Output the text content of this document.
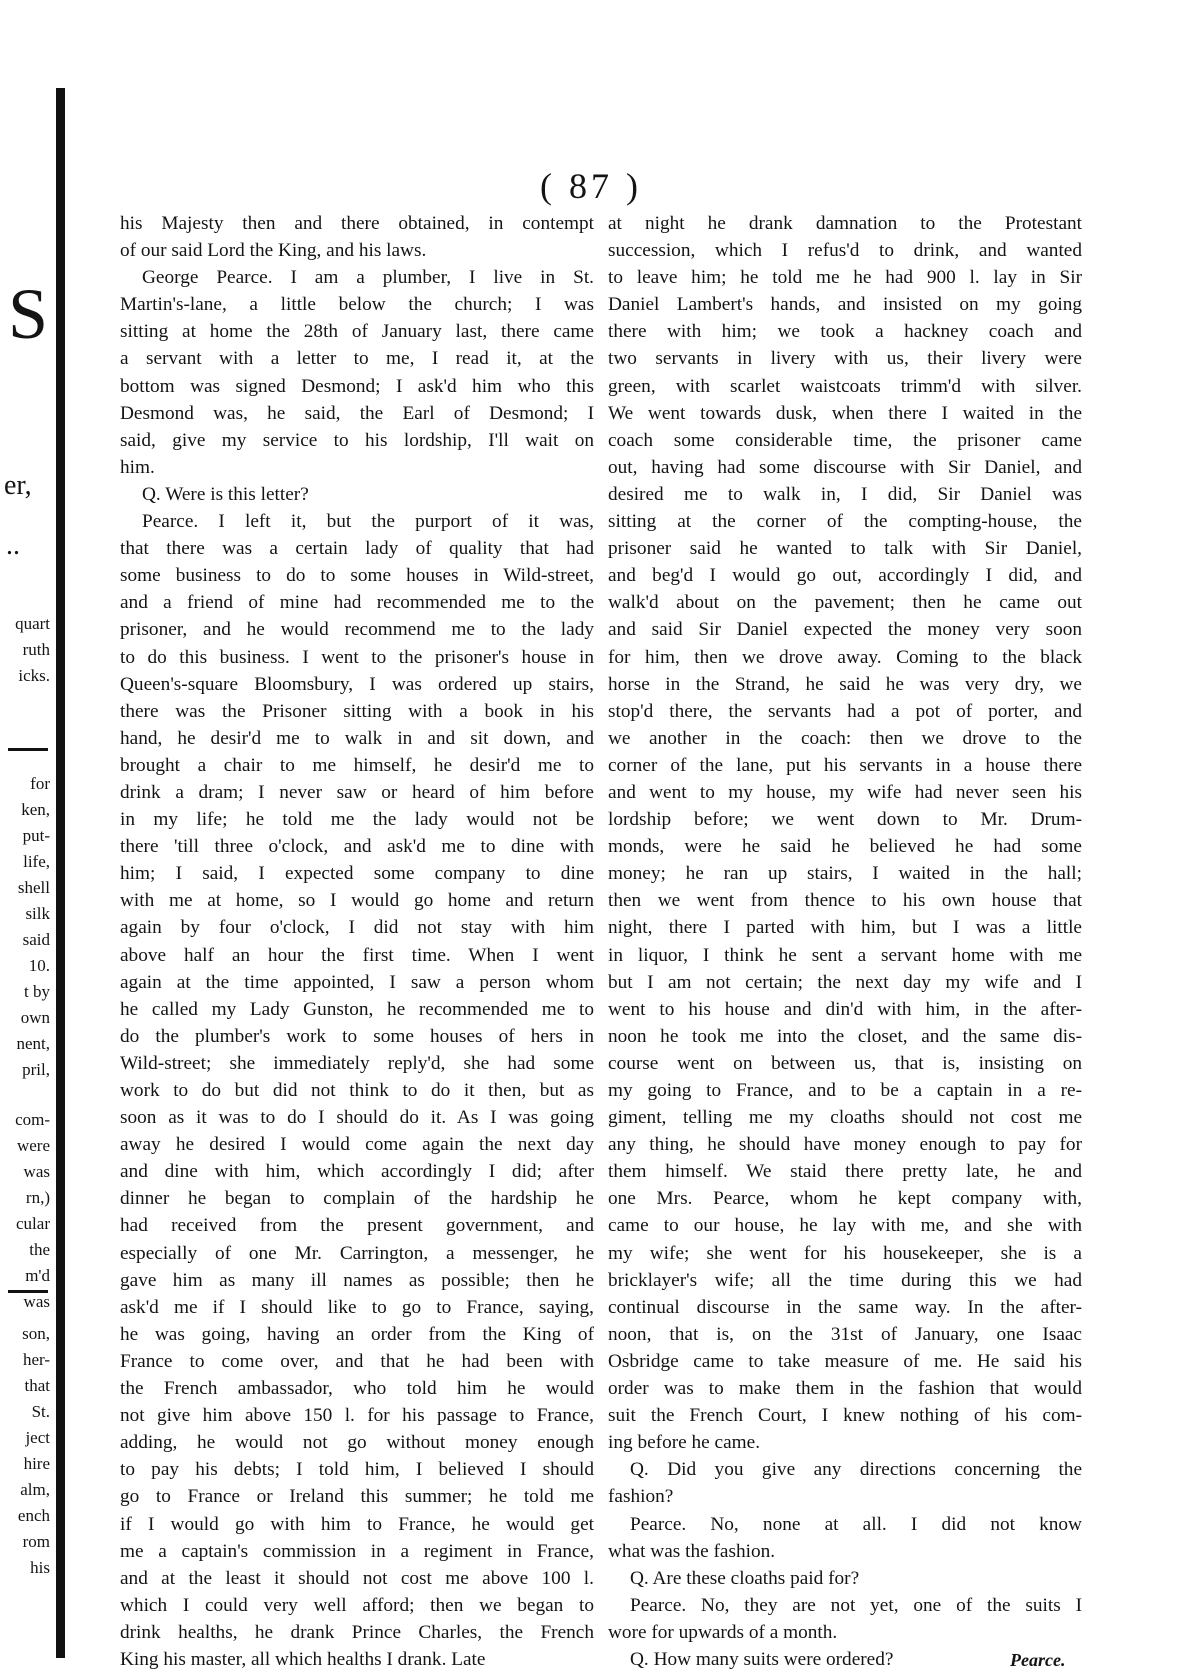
S
er,
..
quart
ruth
icks.
for
ken,
put-
life,
shell
silk
said
10.
t by
own
nent,
pril,
com-
were
was
rn,)
cular
the
m'd
was
son,
her-
that
St.
ject
hire
alm,
ench
rom
his
( 87 )
his Majesty then and there obtained, in contempt
of our said Lord the King, and his laws.
George Pearce. I am a plumber, I live in St.
Martin's-lane, a little below the church; I was
sitting at home the 28th of January last, there came
a servant with a letter to me, I read it, at the
bottom was signed Desmond; I ask'd him who this
Desmond was, he said, the Earl of Desmond; I
said, give my service to his lordship, I'll wait on
him.
Q. Were is this letter?
Pearce. I left it, but the purport of it was,
that there was a certain lady of quality that had
some business to do to some houses in Wild-street,
and a friend of mine had recommended me to the
prisoner, and he would recommend me to the lady
to do this business. I went to the prisoner's house in
Queen's-square Bloomsbury, I was ordered up stairs,
there was the Prisoner sitting with a book in his
hand, he desir'd me to walk in and sit down, and
brought a chair to me himself, he desir'd me to
drink a dram; I never saw or heard of him before
in my life; he told me the lady would not be
there 'till three o'clock, and ask'd me to dine with
him; I said, I expected some company to dine
with me at home, so I would go home and return
again by four o'clock, I did not stay with him
above half an hour the first time. When I went
again at the time appointed, I saw a person whom
he called my Lady Gunston, he recommended me to
do the plumber's work to some houses of hers in
Wild-street; she immediately reply'd, she had some
work to do but did not think to do it then, but as
soon as it was to do I should do it. As I was going
away he desired I would come again the next day
and dine with him, which accordingly I did; after
dinner he began to complain of the hardship he
had received from the present government, and
especially of one Mr. Carrington, a messenger, he
gave him as many ill names as possible; then he
ask'd me if I should like to go to France, saying,
he was going, having an order from the King of
France to come over, and that he had been with
the French ambassador, who told him he would
not give him above 150 l. for his passage to France,
adding, he would not go without money enough
to pay his debts; I told him, I believed I should
go to France or Ireland this summer; he told me
if I would go with him to France, he would get
me a captain's commission in a regiment in France,
and at the least it should not cost me above 100 l.
which I could very well afford; then we began to
drink healths, he drank Prince Charles, the French
King his master, all which healths I drank. Late
at night he drank damnation to the Protestant
succession, which I refus'd to drink, and wanted
to leave him; he told me he had 900 l. lay in Sir
Daniel Lambert's hands, and insisted on my going
there with him; we took a hackney coach and
two servants in livery with us, their livery were
green, with scarlet waistcoats trimm'd with silver.
We went towards dusk, when there I waited in the
coach some considerable time, the prisoner came
out, having had some discourse with Sir Daniel, and
desired me to walk in, I did, Sir Daniel was
sitting at the corner of the compting-house, the
prisoner said he wanted to talk with Sir Daniel,
and beg'd I would go out, accordingly I did, and
walk'd about on the pavement; then he came out
and said Sir Daniel expected the money very soon
for him, then we drove away. Coming to the black
horse in the Strand, he said he was very dry, we
stop'd there, the servants had a pot of porter, and
we another in the coach: then we drove to the
corner of the lane, put his servants in a house there
and went to my house, my wife had never seen his
lordship before; we went down to Mr. Drum-
monds, were he said he believed he had some
money; he ran up stairs, I waited in the hall;
then we went from thence to his own house that
night, there I parted with him, but I was a little
in liquor, I think he sent a servant home with me
but I am not certain; the next day my wife and I
went to his house and din'd with him, in the after-
noon he took me into the closet, and the same dis-
course went on between us, that is, insisting on
my going to France, and to be a captain in a re-
giment, telling me my cloaths should not cost me
any thing, he should have money enough to pay for
them himself. We staid there pretty late, he and
one Mrs. Pearce, whom he kept company with,
came to our house, he lay with me, and she with
my wife; she went for his housekeeper, she is a
bricklayer's wife; all the time during this we had
continual discourse in the same way. In the after-
noon, that is, on the 31st of January, one Isaac
Osbridge came to take measure of me. He said his
order was to make them in the fashion that would
suit the French Court, I knew nothing of his com-
ing before he came.
Q. Did you give any directions concerning the
fashion?
Pearce. No, none at all. I did not know
what was the fashion.
Q. Are these cloaths paid for?
Pearce. No, they are not yet, one of the suits I
wore for upwards of a month.
Q. How many suits were ordered?	Pearce.
